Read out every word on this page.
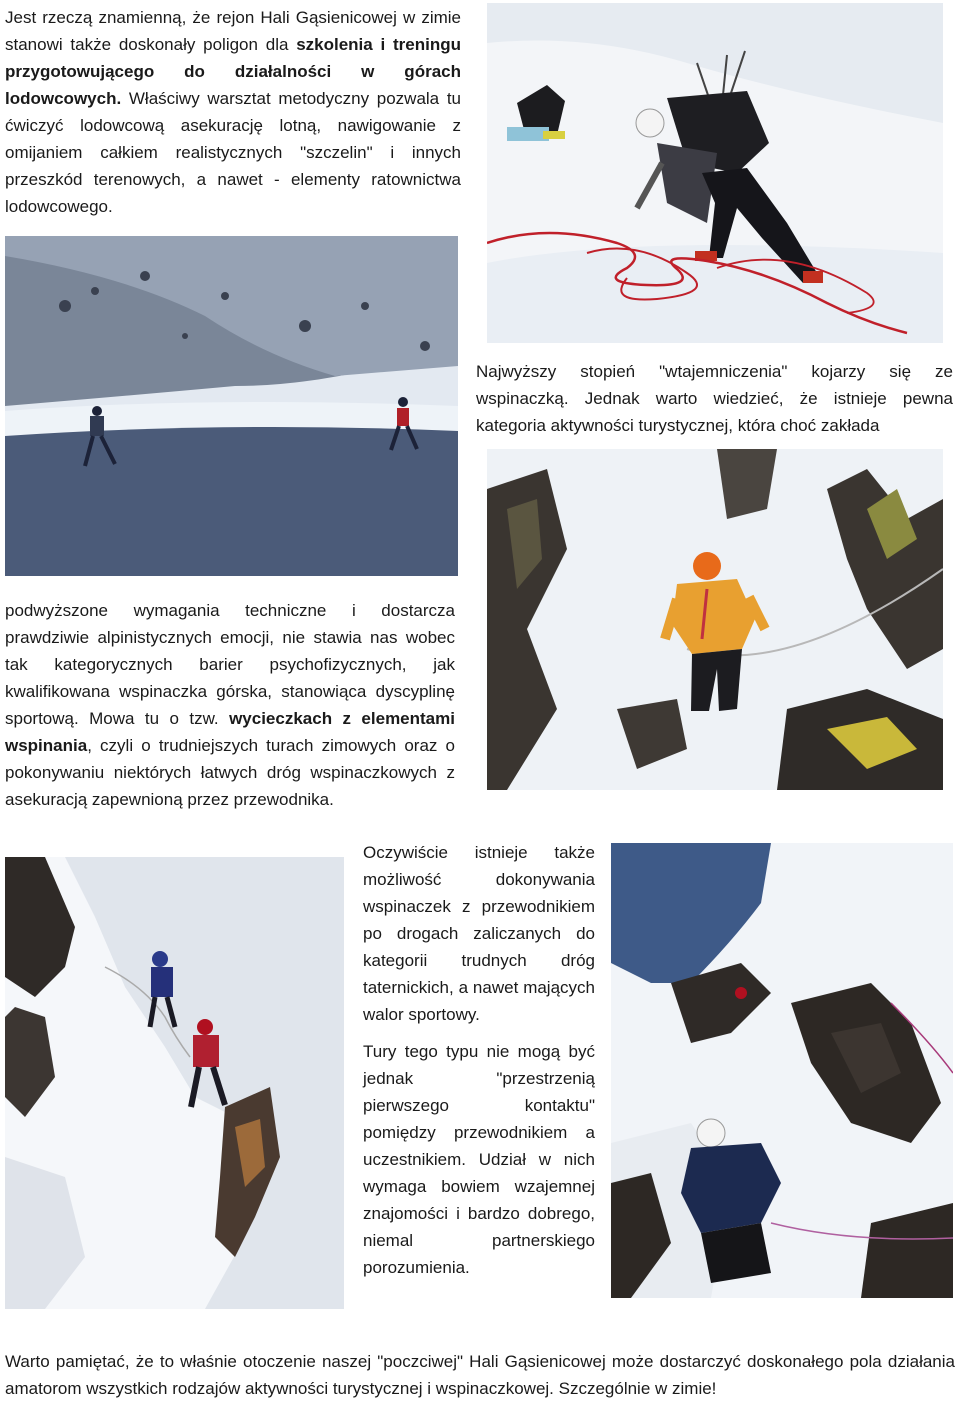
Jest rzeczą znamienną, że rejon Hali Gąsienicowej w zimie stanowi także doskonały poligon dla szkolenia i treningu przygotowującego do działalności w górach lodowcowych. Właściwy warsztat metodyczny pozwala tu ćwiczyć lodowcową asekurację lotną, nawigowanie z omijaniem całkiem realistycznych "szczelin" i innych przeszkód terenowych, a nawet - elementy ratownictwa lodowcowego.
Najwyższy stopień "wtajemniczenia" kojarzy się ze wspinaczką. Jednak warto wiedzieć, że istnieje pewna kategoria aktywności turystycznej, która choć zakłada
podwyższone wymagania techniczne i dostarcza prawdziwie alpinistycznych emocji, nie stawia nas wobec tak kategorycznych barier psychofizycznych, jak kwalifikowana wspinaczka górska, stanowiąca dyscyplinę sportową. Mowa tu o tzw. wycieczkach z elementami wspinania, czyli o trudniejszych turach zimowych oraz o pokonywaniu niektórych łatwych dróg wspinaczkowych z asekuracją zapewnioną przez przewodnika.
Oczywiście istnieje także możliwość dokonywania wspinaczek z przewodnikiem po drogach zaliczanych do kategorii trudnych dróg taternickich, a nawet mających walor sportowy.
Tury tego typu nie mogą być jednak "przestrzenią pierwszego kontaktu" pomiędzy przewodnikiem a uczestnikiem. Udział w nich wymaga bowiem wzajemnej znajomości i bardzo dobrego, niemal partnerskiego porozumienia.
Warto pamiętać, że to właśnie otoczenie naszej "poczciwej" Hali Gąsienicowej może dostarczyć doskonałego pola działania amatorom wszystkich rodzajów aktywności turystycznej i wspinaczkowej. Szczególnie w zimie!
